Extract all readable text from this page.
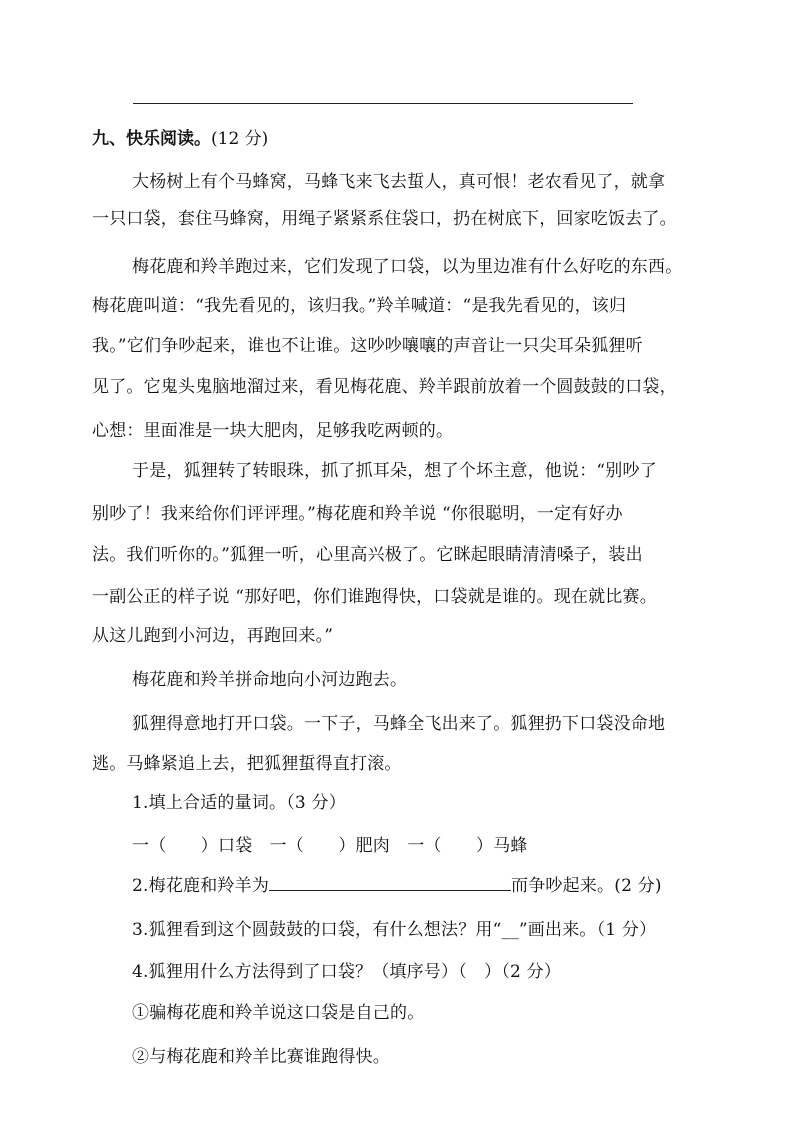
九、快乐阅读。(12 分)
大杨树上有个马蜂窝，马蜂飞来飞去蜇人，真可恨！老农看见了，就拿
一只口袋，套住马蜂窝，用绳子紧紧系住袋口，扔在树底下，回家吃饭去了。
梅花鹿和羚羊跑过来，它们发现了口袋，以为里边准有什么好吃的东西。
梅花鹿叫道：“我先看见的，该归我。”羚羊喊道：“是我先看见的，该归
我。”它们争吵起来，谁也不让谁。这吵吵嚷嚷的声音让一只尖耳朵狐狸听
见了。它鬼头鬼脑地溜过来，看见梅花鹿、羚羊跟前放着一个圆鼓鼓的口袋，
心想：里面准是一块大肥肉，足够我吃两顿的。
于是，狐狸转了转眼珠，抓了抓耳朵，想了个坏主意，他说：“别吵了
别吵了！我来给你们评评理。”梅花鹿和羚羊说 “你很聪明，一定有好办
法。我们听你的。”狐狸一听，心里高兴极了。它眯起眼睛清清嗓子，装出
一副公正的样子说 “那好吧，你们谁跑得快，口袋就是谁的。现在就比赛。
从这儿跑到小河边，再跑回来。”
梅花鹿和羚羊拼命地向小河边跑去。
狐狸得意地打开口袋。一下子，马蜂全飞出来了。狐狸扔下口袋没命地
逃。马蜂紧追上去，把狐狸蜇得直打滚。
1.填上合适的量词。（3 分）
一（　　）口袋　一（　　）肥肉　一（　　）马蜂
2.梅花鹿和羚羊为	而争吵起来。(2 分)
3.狐狸看到这个圆鼓鼓的口袋，有什么想法？用“__”画出来。（1 分）
4.狐狸用什么方法得到了口袋？（填序号）（　）（2 分）
①骗梅花鹿和羚羊说这口袋是自己的。
②与梅花鹿和羚羊比赛谁跑得快。
